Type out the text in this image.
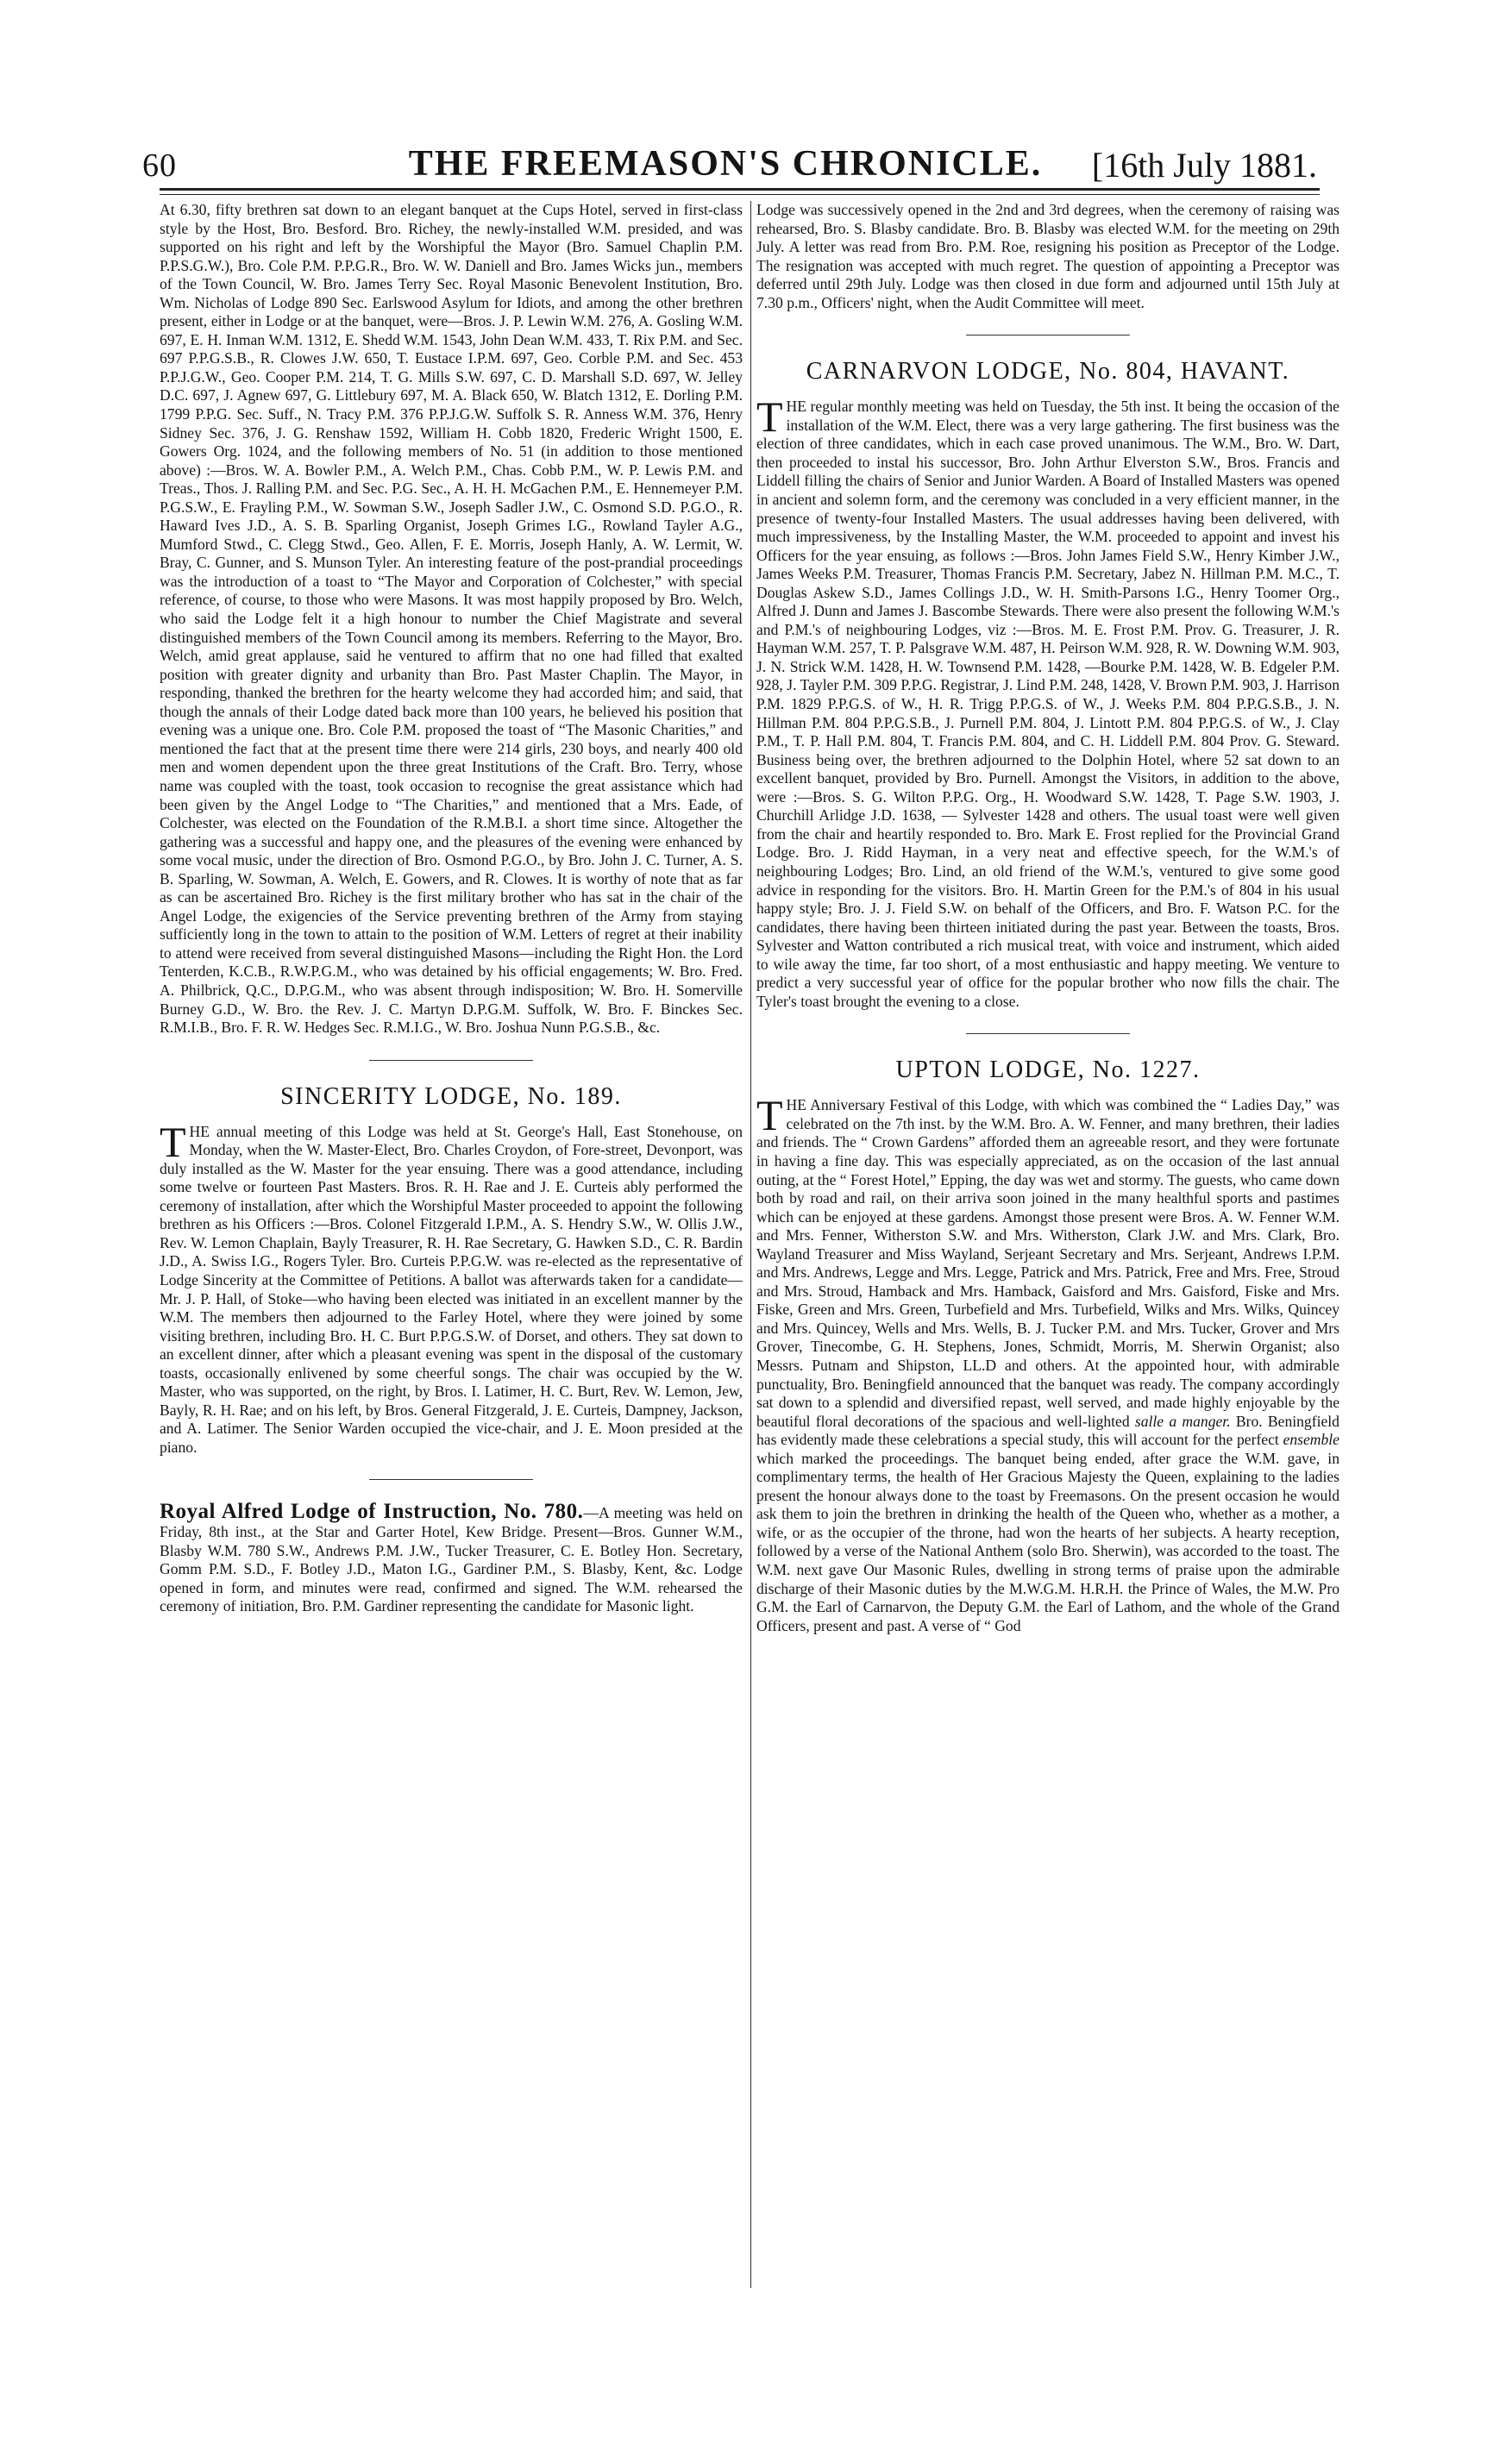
60	THE FREEMASON'S CHRONICLE.	[16th July 1881.

At 6.30, fifty brethren sat down to an elegant banquet at the Cups Hotel, served in first-class style by the Host, Bro. Besford. Bro. Richey, the newly-installed W.M. presided, and was supported on his right and left by the Worshipful the Mayor (Bro. Samuel Chaplin P.M. P.P.S.G.W.), Bro. Cole P.M. P.P.G.R., Bro. W. W. Daniell and Bro. James Wicks jun., members of the Town Council, W. Bro. James Terry Sec. Royal Masonic Benevolent Institution, Bro. Wm. Nicholas of Lodge 890 Sec. Earlswood Asylum for Idiots, and among the other brethren present, either in Lodge or at the banquet, were—Bros. J. P. Lewin W.M. 276, A. Gosling W.M. 697, E. H. Inman W.M. 1312, E. Shedd W.M. 1543, John Dean W.M. 433, T. Rix P.M. and Sec. 697 P.P.G.S.B., R. Clowes J.W. 650, T. Eustace I.P.M. 697, Geo. Corble P.M. and Sec. 453 P.P.J.G.W., Geo. Cooper P.M. 214, T. G. Mills S.W. 697, C. D. Marshall S.D. 697, W. Jelley D.C. 697, J. Agnew 697, G. Littlebury 697, M. A. Black 650, W. Blatch 1312, E. Dorling P.M. 1799 P.P.G. Sec. Suff., N. Tracy P.M. 376 P.P.J.G.W. Suffolk S. R. Anness W.M. 376, Henry Sidney Sec. 376, J. G. Renshaw 1592, William H. Cobb 1820, Frederic Wright 1500, E. Gowers Org. 1024, and the following members of No. 51 (in addition to those mentioned above) :—Bros. W. A. Bowler P.M., A. Welch P.M., Chas. Cobb P.M., W. P. Lewis P.M. and Treas., Thos. J. Ralling P.M. and Sec. P.G. Sec., A. H. H. McGachen P.M., E. Hennemeyer P.M. P.G.S.W., E. Frayling P.M., W. Sowman S.W., Joseph Sadler J.W., C. Osmond S.D. P.G.O., R. Haward Ives J.D., A. S. B. Sparling Organist, Joseph Grimes I.G., Rowland Tayler A.G., Mumford Stwd., C. Clegg Stwd., Geo. Allen, F. E. Morris, Joseph Hanly, A. W. Lermit, W. Bray, C. Gunner, and S. Munson Tyler. An interesting feature of the post-prandial proceedings was the introduction of a toast to “The Mayor and Corporation of Colchester,” with special reference, of course, to those who were Masons. It was most happily proposed by Bro. Welch, who said the Lodge felt it a high honour to number the Chief Magistrate and several distinguished members of the Town Council among its members. Referring to the Mayor, Bro. Welch, amid great applause, said he ventured to affirm that no one had filled that exalted position with greater dignity and urbanity than Bro. Past Master Chaplin. The Mayor, in responding, thanked the brethren for the hearty welcome they had accorded him; and said, that though the annals of their Lodge dated back more than 100 years, he believed his position that evening was a unique one. Bro. Cole P.M. proposed the toast of “The Masonic Charities,” and mentioned the fact that at the present time there were 214 girls, 230 boys, and nearly 400 old men and women dependent upon the three great Institutions of the Craft. Bro. Terry, whose name was coupled with the toast, took occasion to recognise the great assistance which had been given by the Angel Lodge to “The Charities,” and mentioned that a Mrs. Eade, of Colchester, was elected on the Foundation of the R.M.B.I. a short time since. Altogether the gathering was a successful and happy one, and the pleasures of the evening were enhanced by some vocal music, under the direction of Bro. Osmond P.G.O., by Bro. John J. C. Turner, A. S. B. Sparling, W. Sowman, A. Welch, E. Gowers, and R. Clowes. It is worthy of note that as far as can be ascertained Bro. Richey is the first military brother who has sat in the chair of the Angel Lodge, the exigencies of the Service preventing brethren of the Army from staying sufficiently long in the town to attain to the position of W.M. Letters of regret at their inability to attend were received from several distinguished Masons—including the Right Hon. the Lord Tenterden, K.C.B., R.W.P.G.M., who was detained by his official engagements; W. Bro. Fred. A. Philbrick, Q.C., D.P.G.M., who was absent through indisposition; W. Bro. H. Somerville Burney G.D., W. Bro. the Rev. J. C. Martyn D.P.G.M. Suffolk, W. Bro. F. Binckes Sec. R.M.I.B., Bro. F. R. W. Hedges Sec. R.M.I.G., W. Bro. Joshua Nunn P.G.S.B., &c.

SINCERITY LODGE, No. 189.

THE annual meeting of this Lodge was held at St. George's Hall, East Stonehouse, on Monday, when the W. Master-Elect, Bro. Charles Croydon, of Fore-street, Devonport, was duly installed as the W. Master for the year ensuing. There was a good attendance, including some twelve or fourteen Past Masters. Bros. R. H. Rae and J. E. Curteis ably performed the ceremony of installation, after which the Worshipful Master proceeded to appoint the following brethren as his Officers :—Bros. Colonel Fitzgerald I.P.M., A. S. Hendry S.W., W. Ollis J.W., Rev. W. Lemon Chaplain, Bayly Treasurer, R. H. Rae Secretary, G. Hawken S.D., C. R. Bardin J.D., A. Swiss I.G., Rogers Tyler. Bro. Curteis P.P.G.W. was re-elected as the representative of Lodge Sincerity at the Committee of Petitions. A ballot was afterwards taken for a candidate—Mr. J. P. Hall, of Stoke—who having been elected was initiated in an excellent manner by the W.M. The members then adjourned to the Farley Hotel, where they were joined by some visiting brethren, including Bro. H. C. Burt P.P.G.S.W. of Dorset, and others. They sat down to an excellent dinner, after which a pleasant evening was spent in the disposal of the customary toasts, occasionally enlivened by some cheerful songs. The chair was occupied by the W. Master, who was supported, on the right, by Bros. I. Latimer, H. C. Burt, Rev. W. Lemon, Jew, Bayly, R. H. Rae; and on his left, by Bros. General Fitzgerald, J. E. Curteis, Dampney, Jackson, and A. Latimer. The Senior Warden occupied the vice-chair, and J. E. Moon presided at the piano.

Royal Alfred Lodge of Instruction, No. 780.—A meeting was held on Friday, 8th inst., at the Star and Garter Hotel, Kew Bridge. Present—Bros. Gunner W.M., Blasby W.M. 780 S.W., Andrews P.M. J.W., Tucker Treasurer, C. E. Botley Hon. Secretary, Gomm P.M. S.D., F. Botley J.D., Maton I.G., Gardiner P.M., S. Blasby, Kent, &c. Lodge opened in form, and minutes were read, confirmed and signed. The W.M. rehearsed the ceremony of initiation, Bro. P.M. Gardiner representing the candidate for Masonic light.

Lodge was successively opened in the 2nd and 3rd degrees, when the ceremony of raising was rehearsed, Bro. S. Blasby candidate. Bro. B. Blasby was elected W.M. for the meeting on 29th July. A letter was read from Bro. P.M. Roe, resigning his position as Preceptor of the Lodge. The resignation was accepted with much regret. The question of appointing a Preceptor was deferred until 29th July. Lodge was then closed in due form and adjourned until 15th July at 7.30 p.m., Officers' night, when the Audit Committee will meet.

CARNARVON LODGE, No. 804, HAVANT.

THE regular monthly meeting was held on Tuesday, the 5th inst. It being the occasion of the installation of the W.M. Elect, there was a very large gathering. The first business was the election of three candidates, which in each case proved unanimous. The W.M., Bro. W. Dart, then proceeded to instal his successor, Bro. John Arthur Elverston S.W., Bros. Francis and Liddell filling the chairs of Senior and Junior Warden. A Board of Installed Masters was opened in ancient and solemn form, and the ceremony was concluded in a very efficient manner, in the presence of twenty-four Installed Masters. The usual addresses having been delivered, with much impressiveness, by the Installing Master, the W.M. proceeded to appoint and invest his Officers for the year ensuing, as follows :—Bros. John James Field S.W., Henry Kimber J.W., James Weeks P.M. Treasurer, Thomas Francis P.M. Secretary, Jabez N. Hillman P.M. M.C., T. Douglas Askew S.D., James Collings J.D., W. H. Smith-Parsons I.G., Henry Toomer Org., Alfred J. Dunn and James J. Bascombe Stewards. There were also present the following W.M.'s and P.M.'s of neighbouring Lodges, viz :—Bros. M. E. Frost P.M. Prov. G. Treasurer, J. R. Hayman W.M. 257, T. P. Palsgrave W.M. 487, H. Peirson W.M. 928, R. W. Downing W.M. 903, J. N. Strick W.M. 1428, H. W. Townsend P.M. 1428, —Bourke P.M. 1428, W. B. Edgeler P.M. 928, J. Tayler P.M. 309 P.P.G. Registrar, J. Lind P.M. 248, 1428, V. Brown P.M. 903, J. Harrison P.M. 1829 P.P.G.S. of W., H. R. Trigg P.P.G.S. of W., J. Weeks P.M. 804 P.P.G.S.B., J. N. Hillman P.M. 804 P.P.G.S.B., J. Purnell P.M. 804, J. Lintott P.M. 804 P.P.G.S. of W., J. Clay P.M., T. P. Hall P.M. 804, T. Francis P.M. 804, and C. H. Liddell P.M. 804 Prov. G. Steward. Business being over, the brethren adjourned to the Dolphin Hotel, where 52 sat down to an excellent banquet, provided by Bro. Purnell. Amongst the Visitors, in addition to the above, were :—Bros. S. G. Wilton P.P.G. Org., H. Woodward S.W. 1428, T. Page S.W. 1903, J. Churchill Arlidge J.D. 1638, — Sylvester 1428 and others. The usual toast were well given from the chair and heartily responded to. Bro. Mark E. Frost replied for the Provincial Grand Lodge. Bro. J. Ridd Hayman, in a very neat and effective speech, for the W.M.'s of neighbouring Lodges; Bro. Lind, an old friend of the W.M.'s, ventured to give some good advice in responding for the visitors. Bro. H. Martin Green for the P.M.'s of 804 in his usual happy style; Bro. J. J. Field S.W. on behalf of the Officers, and Bro. F. Watson P.C. for the candidates, there having been thirteen initiated during the past year. Between the toasts, Bros. Sylvester and Watton contributed a rich musical treat, with voice and instrument, which aided to wile away the time, far too short, of a most enthusiastic and happy meeting. We venture to predict a very successful year of office for the popular brother who now fills the chair. The Tyler's toast brought the evening to a close.

UPTON LODGE, No. 1227.

THE Anniversary Festival of this Lodge, with which was combined the “ Ladies Day,” was celebrated on the 7th inst. by the W.M. Bro. A. W. Fenner, and many brethren, their ladies and friends. The “ Crown Gardens” afforded them an agreeable resort, and they were fortunate in having a fine day. This was especially appreciated, as on the occasion of the last annual outing, at the “ Forest Hotel,” Epping, the day was wet and stormy. The guests, who came down both by road and rail, on their arriva soon joined in the many healthful sports and pastimes which can be enjoyed at these gardens. Amongst those present were Bros. A. W. Fenner W.M. and Mrs. Fenner, Witherston S.W. and Mrs. Witherston, Clark J.W. and Mrs. Clark, Bro. Wayland Treasurer and Miss Wayland, Serjeant Secretary and Mrs. Serjeant, Andrews I.P.M. and Mrs. Andrews, Legge and Mrs. Legge, Patrick and Mrs. Patrick, Free and Mrs. Free, Stroud and Mrs. Stroud, Hamback and Mrs. Hamback, Gaisford and Mrs. Gaisford, Fiske and Mrs. Fiske, Green and Mrs. Green, Turbefield and Mrs. Turbefield, Wilks and Mrs. Wilks, Quincey and Mrs. Quincey, Wells and Mrs. Wells, B. J. Tucker P.M. and Mrs. Tucker, Grover and Mrs Grover, Tinecombe, G. H. Stephens, Jones, Schmidt, Morris, M. Sherwin Organist; also Messrs. Putnam and Shipston, LL.D and others. At the appointed hour, with admirable punctuality, Bro. Beningfield announced that the banquet was ready. The company accordingly sat down to a splendid and diversified repast, well served, and made highly enjoyable by the beautiful floral decorations of the spacious and well-lighted salle a manger. Bro. Beningfield has evidently made these celebrations a special study, this will account for the perfect ensemble which marked the proceedings. The banquet being ended, after grace the W.M. gave, in complimentary terms, the health of Her Gracious Majesty the Queen, explaining to the ladies present the honour always done to the toast by Freemasons. On the present occasion he would ask them to join the brethren in drinking the health of the Queen who, whether as a mother, a wife, or as the occupier of the throne, had won the hearts of her subjects. A hearty reception, followed by a verse of the National Anthem (solo Bro. Sherwin), was accorded to the toast. The W.M. next gave Our Masonic Rules, dwelling in strong terms of praise upon the admirable discharge of their Masonic duties by the M.W.G.M. H.R.H. the Prince of Wales, the M.W. Pro G.M. the Earl of Carnarvon, the Deputy G.M. the Earl of Lathom, and the whole of the Grand Officers, present and past. A verse of “ God
